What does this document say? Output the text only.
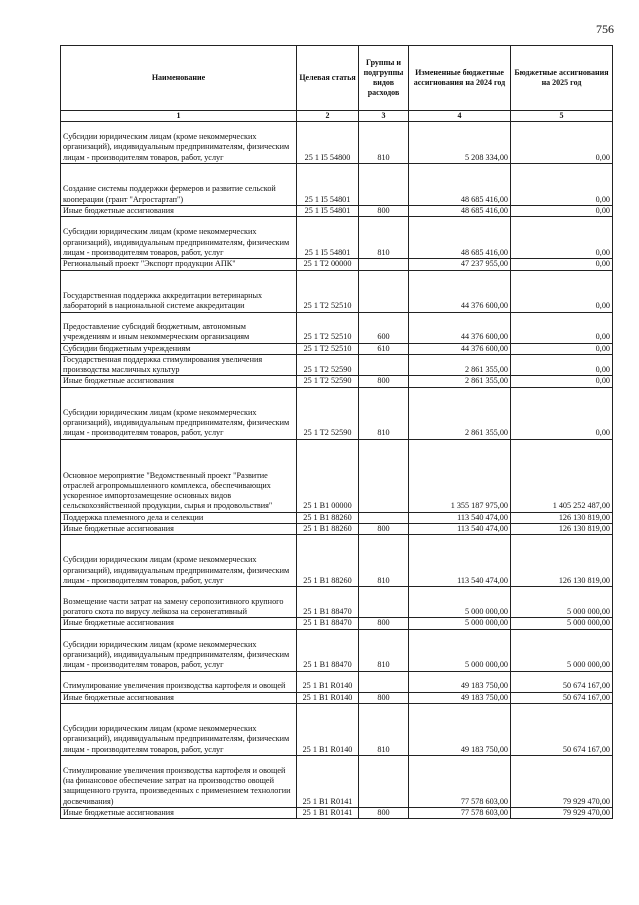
756
Наименование	Целевая статья	Группы и подгруппы видов расходов	Измененные бюджетные ассигнования на 2024 год	Бюджетные ассигнования на 2025 год
1	2	3	4	5
Субсидии юридическим лицам (кроме некоммерческих организаций), индивидуальным предпринимателям, физическим лицам - производителям товаров, работ, услуг	25 1 I5 54800	810	5 208 334,00	0,00
Создание системы поддержки фермеров и развитие сельской кооперации (грант "Агростартап")	25 1 I5 54801		48 685 416,00	0,00
Иные бюджетные ассигнования	25 1 I5 54801	800	48 685 416,00	0,00
Субсидии юридическим лицам (кроме некоммерческих организаций), индивидуальным предпринимателям, физическим лицам - производителям товаров, работ, услуг	25 1 I5 54801	810	48 685 416,00	0,00
Региональный проект "Экспорт продукции АПК"	25 1 T2 00000		47 237 955,00	0,00
Государственная поддержка аккредитации ветеринарных лабораторий в национальной системе аккредитации	25 1 T2 52510		44 376 600,00	0,00
Предоставление субсидий бюджетным, автономным учреждениям и иным некоммерческим организациям	25 1 T2 52510	600	44 376 600,00	0,00
Субсидии бюджетным учреждениям	25 1 T2 52510	610	44 376 600,00	0,00
Государственная поддержка стимулирования увеличения производства масличных культур	25 1 T2 52590		2 861 355,00	0,00
Иные бюджетные ассигнования	25 1 T2 52590	800	2 861 355,00	0,00
Субсидии юридическим лицам (кроме некоммерческих организаций), индивидуальным предпринимателям, физическим лицам - производителям товаров, работ, услуг	25 1 T2 52590	810	2 861 355,00	0,00
Основное мероприятие "Ведомственный проект "Развитие отраслей агропромышленного комплекса, обеспечивающих ускоренное импортозамещение основных видов сельскохозяйственной продукции, сырья и продовольствия"	25 1 B1 00000		1 355 187 975,00	1 405 252 487,00
Поддержка племенного дела и селекции	25 1 B1 88260		113 540 474,00	126 130 819,00
Иные бюджетные ассигнования	25 1 B1 88260	800	113 540 474,00	126 130 819,00
Субсидии юридическим лицам (кроме некоммерческих организаций), индивидуальным предпринимателям, физическим лицам - производителям товаров, работ, услуг	25 1 B1 88260	810	113 540 474,00	126 130 819,00
Возмещение части затрат на замену серопозитивного крупного рогатого скота по вирусу лейкоза на серонегативный	25 1 B1 88470		5 000 000,00	5 000 000,00
Иные бюджетные ассигнования	25 1 B1 88470	800	5 000 000,00	5 000 000,00
Субсидии юридическим лицам (кроме некоммерческих организаций), индивидуальным предпринимателям, физическим лицам - производителям товаров, работ, услуг	25 1 B1 88470	810	5 000 000,00	5 000 000,00
Стимулирование увеличения производства картофеля и овощей	25 1 B1 R0140		49 183 750,00	50 674 167,00
Иные бюджетные ассигнования	25 1 B1 R0140	800	49 183 750,00	50 674 167,00
Субсидии юридическим лицам (кроме некоммерческих организаций), индивидуальным предпринимателям, физическим лицам - производителям товаров, работ, услуг	25 1 B1 R0140	810	49 183 750,00	50 674 167,00
Стимулирование увеличения производства картофеля и овощей (на финансовое обеспечение затрат на производство овощей защищенного грунта, произведенных с применением технологии досвечивания)	25 1 B1 R0141		77 578 603,00	79 929 470,00
Иные бюджетные ассигнования	25 1 B1 R0141	800	77 578 603,00	79 929 470,00
